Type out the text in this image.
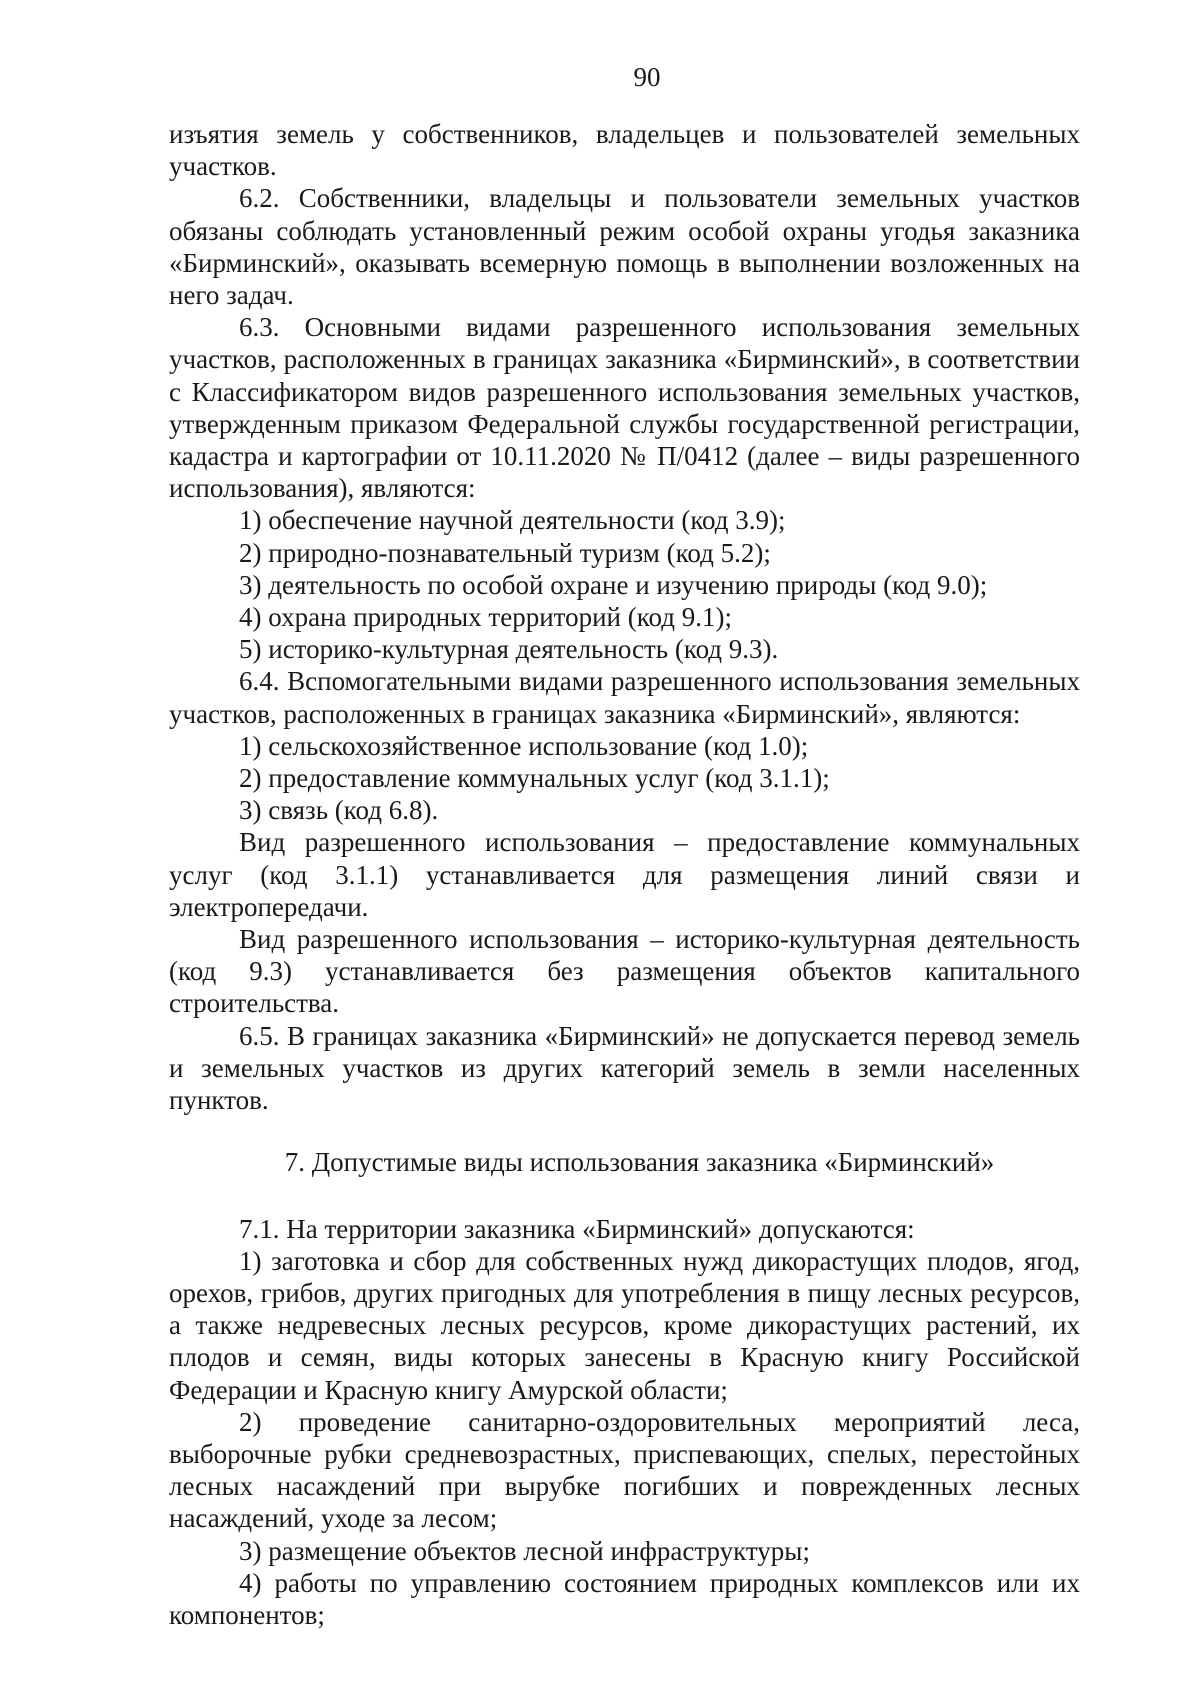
90

изъятия земель у собственников, владельцев и пользователей земельных участков.

6.2. Собственники, владельцы и пользователи земельных участков обязаны соблюдать установленный режим особой охраны угодья заказника «Бирминский», оказывать всемерную помощь в выполнении возложенных на него задач.

6.3. Основными видами разрешенного использования земельных участков, расположенных в границах заказника «Бирминский», в соответствии с Классификатором видов разрешенного использования земельных участков, утвержденным приказом Федеральной службы государственной регистрации, кадастра и картографии от 10.11.2020 № П/0412 (далее – виды разрешенного использования), являются:

1) обеспечение научной деятельности (код 3.9);

2) природно-познавательный туризм (код 5.2);

3) деятельность по особой охране и изучению природы (код 9.0);

4) охрана природных территорий (код 9.1);

5) историко-культурная деятельность (код 9.3).

6.4. Вспомогательными видами разрешенного использования земельных участков, расположенных в границах заказника «Бирминский», являются:

1) сельскохозяйственное использование (код 1.0);

2) предоставление коммунальных услуг (код 3.1.1);

3) связь (код 6.8).

Вид разрешенного использования – предоставление коммунальных услуг (код 3.1.1) устанавливается для размещения линий связи и электропередачи.

Вид разрешенного использования – историко-культурная деятельность (код 9.3) устанавливается без размещения объектов капитального строительства.

6.5. В границах заказника «Бирминский» не допускается перевод земель и земельных участков из других категорий земель в земли населенных пунктов.

7. Допустимые виды использования заказника «Бирминский»

7.1. На территории заказника «Бирминский» допускаются:

1) заготовка и сбор для собственных нужд дикорастущих плодов, ягод, орехов, грибов, других пригодных для употребления в пищу лесных ресурсов, а также недревесных лесных ресурсов, кроме дикорастущих растений, их плодов и семян, виды которых занесены в Красную книгу Российской Федерации и Красную книгу Амурской области;

2) проведение санитарно-оздоровительных мероприятий леса, выборочные рубки средневозрастных, приспевающих, спелых, перестойных лесных насаждений при вырубке погибших и поврежденных лесных насаждений, уходе за лесом;

3) размещение объектов лесной инфраструктуры;

4) работы по управлению состоянием природных комплексов или их компонентов;
